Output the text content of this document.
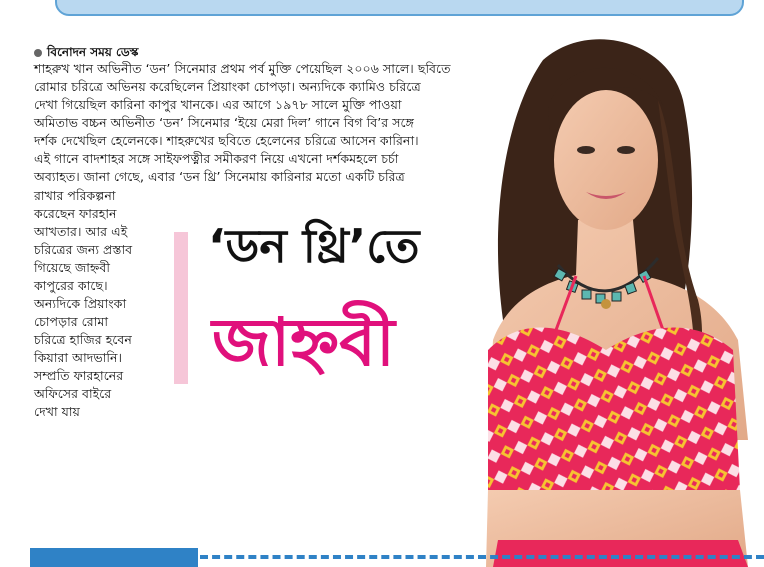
বিনোদন সময় ডেস্ক

শাহরুখ খান অভিনীত ‘ডন’ সিনেমার প্রথম পর্ব মুক্তি পেয়েছিল ২০০৬ সালে। ছবিতে

রোমার চরিত্রে অভিনয় করেছিলেন প্রিয়াংকা চোপড়া। অন্যদিকে ক্যামিও চরিত্রে

দেখা গিয়েছিল কারিনা কাপুর খানকে। এর আগে ১৯৭৮ সালে মুক্তি পাওয়া

অমিতাভ বচ্চন অভিনীত ‘ডন’ সিনেমার ‘ইয়ে মেরা দিল’ গানে বিগ বি’র সঙ্গে

দর্শক দেখেছিল হেলেনকে। শাহরুখের ছবিতে হেলেনের চরিত্রে আসেন কারিনা।

এই গানে বাদশাহর সঙ্গে সাইফপত্নীর সমীকরণ নিয়ে এখনো দর্শকমহলে চর্চা

অব্যাহত। জানা গেছে, এবার ‘ডন থ্রি’ সিনেমায় কারিনার মতো একটি চরিত্র

রাখার পরিকল্পনা

করেছেন ফারহান

আখতার। আর এই

চরিত্রের জন্য প্রস্তাব

গিয়েছে জাহ্নবী

কাপুরের কাছে।

অন্যদিকে প্রিয়াংকা

চোপড়ার রোমা

চরিত্রে হাজির হবেন

কিয়ারা আদভানি।

সম্প্রতি ফারহানের

অফিসের বাইরে

দেখা যায়

‘ডন থ্রি’তে
জাহ্নবী
